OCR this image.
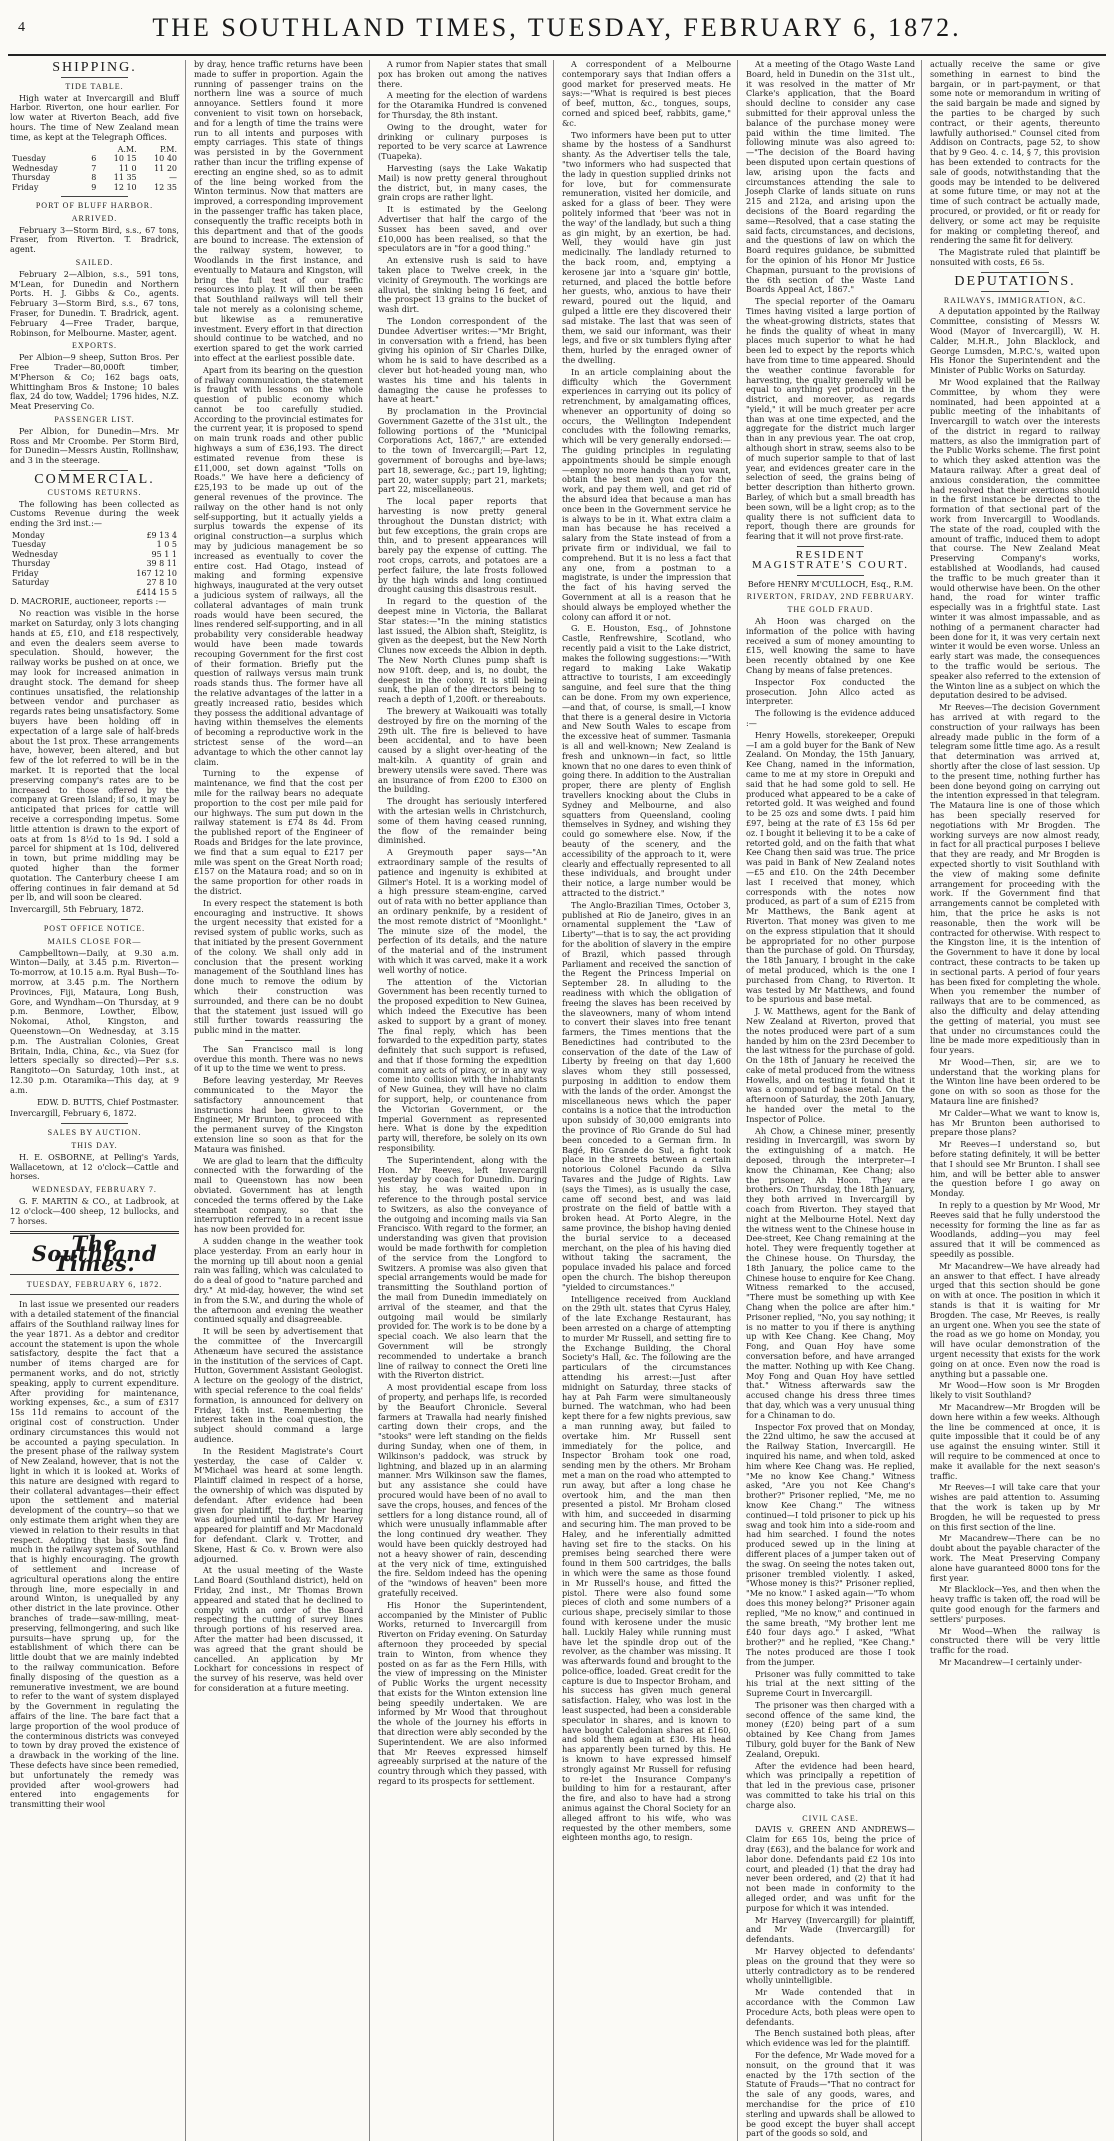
4	THE SOUTHLAND TIMES, TUESDAY, FEBRUARY 6, 1872.
SHIPPING.
TIDE TABLE.

High water at Invercargill and Bluff Harbor. Riverton, one hour earlier. For low water at Riverton Beach, add five hours. The time of New Zealand mean time, as kept at the Telegraph Offices.

		A.M.	P.M.
Tuesday	6	10 15	10 40
Wednesday	7	11 0	11 20
Thursday	8	11 35	—
Friday	9	12 10	12 35
PORT OF BLUFF HARBOR.
ARRIVED.

February 3—Storm Bird, s.s., 67 tons, Fraser, from Riverton. T. Bradrick, agent.

SAILED.

February 2—Albion, s.s., 591 tons, M'Lean, for Dunedin and Northern Ports. H. J. Gibbs & Co., agents. February 3—Storm Bird, s.s., 67 tons, Fraser, for Dunedin. T. Bradrick, agent. February 4—Free Trader, barque, Robinson, for Melbourne. Master, agent.

EXPORTS.

Per Albion—9 sheep, Sutton Bros. Per Free Trader—80,000ft timber, M'Pherson & Co; 162 bags oats, Whittingham Bros & Instone; 10 bales flax, 24 do tow, Waddel; 1796 hides, N.Z. Meat Preserving Co.

PASSENGER LIST.

Per Albion, for Dunedin—Mrs. Mr Ross and Mr Croombe. Per Storm Bird, for Dunedin—Messrs Austin, Rollinshaw, and 3 in the steerage.

COMMERCIAL.
CUSTOMS RETURNS.

The following has been collected as Customs Revenue during the week ending the 3rd inst.:—

Monday	£9 13 4
Tuesday	1 0 5
Wednesday	95 1 1
Thursday	39 8 11
Friday	167 12 10
Saturday	27 8 10
	£414 15 5

D. MACRORIE, auctioneer, reports :—

No reaction was visible in the horse market on Saturday, only 3 lots changing hands at £5, £10, and £18 respectively, and even the dealers seem averse to speculation. Should, however, the railway works be pushed on at once, we may look for increased animation in draught stock. The demand for sheep continues unsatisfied, the relationship between vendor and purchaser as regards rates being unsatisfactory. Some buyers have been holding off in expectation of a large sale of half-breds about the 1st prox. These arrangements have, however, been altered, and but few of the lot referred to will be in the market. It is reported that the local preserving company's rates are to be increased to those offered by the company at Green Island; if so, it may be anticipated that prices for cattle will receive a corresponding impetus. Some little attention is drawn to the export of oats at from 1s 8½d to 1s 9d. I sold a parcel for shipment at 1s 10d, delivered in town, but prime middling may be quoted higher than the former quotation. The Canterbury cheese I am offering continues in fair demand at 5d per lb, and will soon be cleared.

Invercargill, 5th February, 1872.

POST OFFICE NOTICE.
MAILS CLOSE FOR—

Campbelltown—Daily, at 9.30 a.m. Winton—Daily, at 3.45 p.m. Riverton—To-morrow, at 10.15 a.m. Ryal Bush—To-morrow, at 3.45 p.m. The Northern Provinces, Fiji, Mataura, Long Bush, Gore, and Wyndham—On Thursday, at 9 p.m. Benmore, Lowther, Elbow, Nokomai, Athol, Kingston, and Queenstown—On Wednesday, at 3.15 p.m. The Australian Colonies, Great Britain, India, China, &c., via Suez (for letters specially so directed)—Per s.s. Rangitoto—On Saturday, 10th inst., at 12.30 p.m. Otaramika—This day, at 9 a.m.

EDW. D. BUTTS, Chief Postmaster.

Invercargill, February 6, 1872.

SALES BY AUCTION.
THIS DAY.

H. E. OSBORNE, at Pelling's Yards, Wallacetown, at 12 o'clock—Cattle and horses.

WEDNESDAY, FEBRUARY 7.

G. F. MARTIN & CO., at Ladbrook, at 12 o'clock—400 sheep, 12 bullocks, and 7 horses.

The Southland Times.
TUESDAY, FEBRUARY 6, 1872.

In last issue we presented our readers with a detailed statement of the financial affairs of the Southland railway lines for the year 1871. As a debtor and creditor account the statement is upon the whole satisfactory, despite the fact that a number of items charged are for permanent works, and do not, strictly speaking, apply to current expenditure. After providing for maintenance, working expenses, &c., a sum of £317 15s 11d remains to account of the original cost of construction. Under ordinary circumstances this would not be accounted a paying speculation. In the present phase of the railway system of New Zealand, however, that is not the light in which it is looked at. Works of this nature are designed with regard to their collateral advantages—their effect upon the settlement and material development of the country—so that we only estimate them aright when they are viewed in relation to their results in that respect. Adopting that basis, we find much in the railway system of Southland that is highly encouraging. The growth of settlement and increase of agricultural operations along the entire through line, more especially in and around Winton, is unequalled by any other district in the late province. Other branches of trade—saw-milling, meat-preserving, fellmongering, and such like pursuits—have sprung up, for the establishment of which there can be little doubt that we are mainly indebted to the railway communication. Before finally disposing of the question as a remunerative investment, we are bound to refer to the want of system displayed by the Government in regulating the affairs of the line. The bare fact that a large proportion of the wool produce of the conterminous districts was conveyed to town by dray proved the existence of a drawback in the working of the line. These defects have since been remedied, but unfortunately the remedy was provided after wool-growers had entered into engagements for transmitting their wool

by dray, hence traffic returns have been made to suffer in proportion. Again the running of passenger trains on the northern line was a source of much annoyance. Settlers found it more convenient to visit town on horseback, and for a length of time the trains were run to all intents and purposes with empty carriages. This state of things was persisted in by the Government rather than incur the trifling expense of erecting an engine shed, so as to admit of the line being worked from the Winton terminus. Now that matters are improved, a corresponding improvement in the passenger traffic has taken place, consequently the traffic receipts both in this department and that of the goods are bound to increase. The extension of the railway system, however, to Woodlands in the first instance, and eventually to Mataura and Kingston, will bring the full test of our traffic resources into play. It will then be seen that Southland railways will tell their tale not merely as a colonising scheme, but likewise as a remunerative investment. Every effort in that direction should continue to be watched, and no exertion spared to get the work carried into effect at the earliest possible date.

Apart from its bearing on the question of railway communication, the statement is fraught with lessons on the whole question of public economy which cannot be too carefully studied. According to the provincial estimates for the current year, it is proposed to spend on main trunk roads and other public highways a sum of £36,193. The direct estimated revenue from these is £11,000, set down against "Tolls on Roads." We have here a deficiency of £25,193 to be made up out of the general revenues of the province. The railway on the other hand is not only self-supporting, but it actually yields a surplus towards the expense of its original construction—a surplus which may by judicious management be so increased as eventually to cover the entire cost. Had Otago, instead of making and forming expensive highways, inaugurated at the very outset a judicious system of railways, all the collateral advantages of main trunk roads would have been secured, the lines rendered self-supporting, and in all probability very considerable headway would have been made towards recouping Government for the first cost of their formation. Briefly put the question of railways versus main trunk roads stands thus. The former have all the relative advantages of the latter in a greatly increased ratio, besides which they possess the additional advantage of having within themselves the elements of becoming a reproductive work in the strictest sense of the word—an advantage to which the other cannot lay claim.

Turning to the expense of maintenance, we find that the cost per mile for the railway bears no adequate proportion to the cost per mile paid for our highways. The sum put down in the railway statement is £74 8s 4d. From the published report of the Engineer of Roads and Bridges for the late province, we find that a sum equal to £217 per mile was spent on the Great North road; £157 on the Mataura road; and so on in the same proportion for other roads in the district.

In every respect the statement is both encouraging and instructive. It shows the urgent necessity that existed for a revised system of public works, such as that initiated by the present Government of the colony. We shall only add in conclusion that the present working management of the Southland lines has done much to remove the odium by which their construction was surrounded, and there can be no doubt that the statement just issued will go still further towards reassuring the public mind in the matter.

The San Francisco mail is long overdue this month. There was no news of it up to the time we went to press.

Before leaving yesterday, Mr Reeves communicated to the Mayor the satisfactory announcement that instructions had been given to the Engineer, Mr Brunton, to proceed with the permanent survey of the Kingston extension line so soon as that for the Mataura was finished.

We are glad to learn that the difficulty connected with the forwarding of the mail to Queenstown has now been obviated. Government has at length conceded the terms offered by the Lake steamboat company, so that the interruption referred to in a recent issue has now been provided for.

A sudden change in the weather took place yesterday. From an early hour in the morning up till about noon a genial rain was falling, which was calculated to do a deal of good to "nature parched and dry." At mid-day, however, the wind set in from the S.W., and during the whole of the afternoon and evening the weather continued squally and disagreeable.

It will be seen by advertisement that the committee of the Invercargill Athenæum have secured the assistance in the institution of the services of Capt. Hutton, Government Assistant Geologist. A lecture on the geology of the district, with special reference to the coal fields' formation, is announced for delivery on Friday, 16th inst. Remembering the interest taken in the coal question, the subject should command a large audience.

In the Resident Magistrate's Court yesterday, the case of Calder v. M'Michael was heard at some length. Plaintiff claimed in respect of a horse, the ownership of which was disputed by defendant. After evidence had been given for plaintiff, the further hearing was adjourned until to-day. Mr Harvey appeared for plaintiff and Mr Macdonald for defendant. Clark v. Trotter, and Skene, Hast & Co. v. Brown were also adjourned.

At the usual meeting of the Waste Land Board (Southland district), held on Friday, 2nd inst., Mr Thomas Brown appeared and stated that he declined to comply with an order of the Board respecting the cutting of survey lines through portions of his reserved area. After the matter had been discussed, it was agreed that the grant should be cancelled. An application by Mr Lockhart for concessions in respect of the survey of his reserve, was held over for consideration at a future meeting.

A rumor from Napier states that small pox has broken out among the natives there.

A meeting for the election of wardens for the Otaramika Hundred is convened for Thursday, the 8th instant.

Owing to the drought, water for drinking or culinary purposes is reported to be very scarce at Lawrence (Tuapeka).

Harvesting (says the Lake Wakatip Mail) is now pretty general throughout the district, but, in many cases, the grain crops are rather light.

It is estimated by the Geelong Advertiser that half the cargo of the Sussex has been saved, and over £10,000 has been realised, so that the speculators are in "for a good thing."

An extensive rush is said to have taken place to Twelve creek, in the vicinity of Greymouth. The workings are alluvial, the sinking being 16 feet, and the prospect 13 grains to the bucket of wash dirt.

The London correspondent of the Dundee Advertiser writes:—"Mr Bright, in conversation with a friend, has been giving his opinion of Sir Charles Dilke, whom he is said to have described as a clever but hot-headed young man, who wastes his time and his talents in damaging the cause he professes to have at heart."

By proclamation in the Provincial Government Gazette of the 31st ult., the following portions of the "Municipal Corporations Act, 1867," are extended to the town of Invercargill;—Part 12, government of boroughs and bye-laws; part 18, sewerage, &c.; part 19, lighting; part 20, water supply; part 21, markets; part 22, miscellaneous.

The local paper reports that harvesting is now pretty general throughout the Dunstan district; with but few exceptions, the grain crops are thin, and to present appearances will barely pay the expense of cutting. The root crops, carrots, and potatoes are a perfect failure, the late frosts followed by the high winds and long continued drought causing this disastrous result.

In regard to the question of the deepest mine in Victoria, the Ballarat Star states:—"In the mining statistics last issued, the Albion shaft, Steiglitz, is given as the deepest, but the New North Clunes now exceeds the Albion in depth. The New North Clunes pump shaft is now 910ft. deep, and is, no doubt, the deepest in the colony. It is still being sunk, the plan of the directors being to reach a depth of 1,200ft. or thereabouts.

The brewery at Waikouaiti was totally destroyed by fire on the morning of the 29th ult. The fire is believed to have been accidental, and to have been caused by a slight over-heating of the malt-kiln. A quantity of grain and brewery utensils were saved. There was an insurance of from £200 to £300 on the building.

The drought has seriously interfered with the artesian wells in Christchurch, some of them having ceased running, the flow of the remainder being diminished.

A Greymouth paper says—"An extraordinary sample of the results of patience and ingenuity is exhibited at Gilmer's Hotel. It is a working model of a high pressure steam-engine, carved out of rata with no better appliance than an ordinary penknife, by a resident of the most remote district of "Moonlight." The minute size of the model, the perfection of its details, and the nature of the material and of the instrument with which it was carved, make it a work well worthy of notice.

The attention of the Victorian Government has been recently turned to the proposed expedition to New Guinea, which indeed the Executive has been asked to support by a grant of money. The final reply, which has been forwarded to the expedition party, states definitely that such support is refused, and that if those forming the expedition commit any acts of piracy, or in any way come into collision with the inhabitants of New Guinea, they will have no claim for support, help, or countenance from the Victorian Government, or the Imperial Government as represented here. What is done by the expedition party will, therefore, be solely on its own responsibility.

The Superintendent, along with the Hon. Mr Reeves, left Invercargill yesterday by coach for Dunedin. During his stay, he was waited upon in reference to the through postal service to Switzers, as also the conveyance of the outgoing and incoming mails via San Francisco. With regard to the former, an understanding was given that provision would be made forthwith for completion of the service from the Longford to Switzers. A promise was also given that special arrangements would be made for transmitting the Southland portion of the mail from Dunedin immediately on arrival of the steamer, and that the outgoing mail would be similarly provided for. The work is to be done by a special coach. We also learn that the Government will be strongly recommended to undertake a branch line of railway to connect the Oreti line with the Riverton district.

A most providential escape from loss of property, and perhaps life, is recorded by the Beaufort Chronicle. Several farmers at Trawalla had nearly finished carting down their crops, and the "stooks" were left standing on the fields during Sunday, when one of them, in Wilkinson's paddock, was struck by lightning, and blazed up in an alarming manner. Mrs Wilkinson saw the flames, but any assistance she could have procured would have been of no avail to save the crops, houses, and fences of the settlers for a long distance round, all of which were unusually inflammable after the long continued dry weather. They would have been quickly destroyed had not a heavy shower of rain, descending at the very nick of time, extinguished the fire. Seldom indeed has the opening of the "windows of heaven" been more gratefully received.

His Honor the Superintendent, accompanied by the Minister of Public Works, returned to Invercargill from Riverton on Friday evening. On Saturday afternoon they proceeded by special train to Winton, from whence they posted on as far as the Fern Hills, with the view of impressing on the Minister of Public Works the urgent necessity that exists for the Winton extension line being speedily undertaken. We are informed by Mr Wood that throughout the whole of the journey his efforts in that direction were ably seconded by the Superintendent. We are also informed that Mr Reeves expressed himself agreeably surprised at the nature of the country through which they passed, with regard to its prospects for settlement.

A correspondent of a Melbourne contemporary says that Indian offers a good market for preserved meats. He says:—"What is required is best pieces of beef, mutton, &c., tongues, soups, corned and spiced beef, rabbits, game," &c.

Two informers have been put to utter shame by the hostess of a Sandhurst shanty. As the Advertiser tells the tale, "two informers who had suspected that the lady in question supplied drinks not for love, but for commensurate remuneration, visited her domicile, and asked for a glass of beer. They were politely informed that 'beer was not in the way' of the landlady, but such a thing as gin might, by an exertion, be had. Well, they would have gin just medicinally. The landlady returned to the back room, and, emptying a kerosene jar into a 'square gin' bottle, returned, and placed the bottle before her guests, who, anxious to have their reward, poured out the liquid, and gulped a little ere they discovered their sad mistake. The last that was seen of them, we said our informant, was their legs, and five or six tumblers flying after them, hurled by the enraged owner of the dwelling.

In an article complaining about the difficulty which the Government experiences in carrying out its policy of retrenchment, by amalgamating offices, whenever an opportunity of doing so occurs, the Wellington Independent concludes with the following remarks, which will be very generally endorsed:—The guiding principles in regulating appointments should be simple enough—employ no more hands than you want, obtain the best men you can for the work, and pay them well, and get rid of the absurd idea that because a man has once been in the Government service he is always to be in it. What extra claim a man has because he has received a salary from the State instead of from a private firm or individual, we fail to comprehend. But it is no less a fact that any one, from a postman to a magistrate, is under the impression that the fact of his having served the Government at all is a reason that he should always be employed whether the colony can afford it or not.

G. E. Houston, Esq., of Johnstone Castle, Renfrewshire, Scotland, who recently paid a visit to the Lake district, makes the following suggestions:—"With regard to making Lake Wakatip attractive to tourists, I am exceedingly sanguine, and feel sure that the thing can be done. From my own experience,—and that, of course, is small,—I know that there is a general desire in Victoria and New South Wales to escape from the excessive heat of summer. Tasmania is all and well-known; New Zealand is fresh and unknown—in fact, so little known that no one dares to even think of going there. In addition to the Australian proper, there are plenty of English travellers knocking about the Clubs in Sydney and Melbourne, and also squatters from Queensland, cooling themselves in Sydney, and wishing they could go somewhere else. Now, if the beauty of the scenery, and the accessibility of the approach to it, were clearly and effectually represented to all these individuals, and brought under their notice, a large number would be attracted to the district."

The Anglo-Brazilian Times, October 3, published at Rio de Janeiro, gives in an ornamental supplement the "Law of Liberty"—that is to say, the act providing for the abolition of slavery in the empire of Brazil, which passed through Parliament and received the sanction of the Regent the Princess Imperial on September 28. In alluding to the readiness with which the obligation of freeing the slaves has been received by the slaveowners, many of whom intend to convert their slaves into free tenant farmers, the Times mentions that the Benedictines had contributed to the conservation of the date of the Law of Liberty by freeing on that day 1,600 slaves whom they still possessed, purposing in addition to endow them with the lands of the order. Amongst the miscellaneous news which the paper contains is a notice that the introduction upon subsidy of 30,000 emigrants into the province of Rio Grande do Sul had been conceded to a German firm. In Bagé, Rio Grande do Sul, a fight took place in the streets between a certain notorious Colonel Facundo da Silva Tavares and the Judge of Rights. Law (says the Times), as is usually the case, came off second best, and was laid prostrate on the field of battle with a broken head. At Porto Alegre, in the same province, the bishop having denied the burial service to a deceased merchant, on the plea of his having died without taking the sacrament, the populace invaded his palace and forced open the church. The bishop thereupon "yielded to circumstances."

Intelligence received from Auckland on the 29th ult. states that Cyrus Haley, of the late Exchange Restaurant, has been arrested on a charge of attempting to murder Mr Russell, and setting fire to the Exchange Building, the Choral Society's Hall, &c. The following are the particulars of the circumstances attending his arrest:—Just after midnight on Saturday, three stacks of hay at Pah Farm were simultaneously burned. The watchman, who had been kept there for a few nights previous, saw a man running away, but failed to overtake him. Mr Russell sent immediately for the police, and Inspector Broham took one road, sending men by the others. Mr Broham met a man on the road who attempted to run away, but after a long chase he overtook him, and the man then presented a pistol. Mr Broham closed with him, and succeeded in disarming and securing him. The man proved to be Haley, and he inferentially admitted having set fire to the stacks. On his premises being searched there were found in them 500 cartridges, the balls in which were the same as those found in Mr Russell's house, and fitted the pistol. There were also found some pieces of cloth and some numbers of a curious shape, precisely similar to those found with kerosene under the music hall. Luckily Haley while running must have let the spindle drop out of the revolver, as the chamber was missing. It was afterwards found and brought to the police-office, loaded. Great credit for the capture is due to Inspector Broham, and his success has given much general satisfaction. Haley, who was lost in the least suspected, had been a considerable speculator in shares, and is known to have bought Caledonian shares at £160, and sold them again at £30. His head has apparently been turned by this. He is known to have expressed himself strongly against Mr Russell for refusing to re-let the Insurance Company's building to him for a restaurant, after the fire, and also to have had a strong animus against the Choral Society for an alleged affront to his wife, who was requested by the other members, some eighteen months ago, to resign.

At a meeting of the Otago Waste Land Board, held in Dunedin on the 31st ult., it was resolved in the matter of Mr Clarke's application, that the Board should decline to consider any case submitted for their approval unless the balance of the purchase money were paid within the time limited. The following minute was also agreed to:—"The decision of the Board having been disputed upon certain questions of law, arising upon the facts and circumstances attending the sale to Joseph Clarke of lands situate on runs 215 and 212a, and arising upon the decisions of the Board regarding the same—Resolved, that a case stating the said facts, circumstances, and decisions, and the questions of law on which the Board requires guidance, be submitted for the opinion of his Honor Mr Justice Chapman, pursuant to the provisions of the 6th section of the Waste Land Boards Appeal Act, 1867."

The special reporter of the Oamaru Times having visited a large portion of the wheat-growing districts, states that he finds the quality of wheat in many places much superior to what he had been led to expect by the reports which have from time to time appeared. Should the weather continue favorable for harvesting, the quality generally will be equal to anything yet produced in the district, and moreover, as regards "yield," it will be much greater per acre than was at one time expected, and the aggregate for the district much larger than in any previous year. The oat crop, although short in straw, seems also to be of much superior sample to that of last year, and evidences greater care in the selection of seed, the grains being of better description than hitherto grown. Barley, of which but a small breadth has been sown, will be a light crop; as to the quality there is not sufficient data to report, though there are grounds for fearing that it will not prove first-rate.

RESIDENT MAGISTRATE'S COURT.

Before HENRY M'CULLOCH, Esq., R.M.

RIVERTON, FRIDAY, 2ND FEBRUARY.
THE GOLD FRAUD.

Ah Hoon was charged on the information of the police with having received a sum of money amounting to £15, well knowing the same to have been recently obtained by one Kee Chang by means of false pretences.

Inspector Fox conducted the prosecution. John Allco acted as interpreter.

The following is the evidence adduced :—

Henry Howells, storekeeper, Orepuki—I am a gold buyer for the Bank of New Zealand. On Monday, the 15th January, Kee Chang, named in the information, came to me at my store in Orepuki and said that he had some gold to sell. He produced what appeared to be a cake of retorted gold. It was weighed and found to be 25 ozs and some dwts. I paid him £97, being at the rate of £3 15s 6d per oz. I bought it believing it to be a cake of retorted gold, and on the faith that what Kee Chang then said was true. The price was paid in Bank of New Zealand notes—£5 and £10. On the 24th December last I received that money, which corresponds with the notes now produced, as part of a sum of £215 from Mr Matthews, the Bank agent at Riverton. That money was given to me on the express stipulation that it should be appropriated for no other purpose than the purchase of gold. On Thursday, the 18th January, I brought in the cake of metal produced, which is the one I purchased from Chang, to Riverton. It was tested by Mr Matthews, and found to be spurious and base metal.

J. W. Matthews, agent for the Bank of New Zealand at Riverton, proved that the notes produced were part of a sum handed by him on the 23rd December to the last witness for the purchase of gold. On the 18th of January he received the cake of metal produced from the witness Howells, and on testing it found that it was a compound of base metal. On the afternoon of Saturday, the 20th January, he handed over the metal to the Inspector of Police.

Ah Chow, a Chinese miner, presently residing in Invercargill, was sworn by the extinguishing of a match. He deposed, through the interpreter—I know the Chinaman, Kee Chang; also the prisoner, Ah Hoon. They are brothers. On Thursday, the 18th January, they both arrived in Invercargill by coach from Riverton. They stayed that night at the Melbourne Hotel. Next day the witness went to the Chinese house in Dee-street, Kee Chang remaining at the hotel. They were frequently together at the Chinese house. On Thursday, the 18th January, the police came to the Chinese house to enquire for Kee Chang. Witness remarked to the accused, "There must be something up with Kee Chang when the police are after him." Prisoner replied, "No, you say nothing; it is no matter to you if there is anything up with Kee Chang. Kee Chang, Moy Fong, and Quan Hoy have some conversation before, and have arranged the matter. Nothing up with Kee Chang. Moy Fong and Quan Hoy have settled that." Witness afterwards saw the accused change his dress three times that day, which was a very unusual thing for a Chinaman to do.

Inspector Fox proved that on Monday, the 22nd ultimo, he saw the accused at the Railway Station, Invercargill. He inquired his name, and when told, asked him where Kee Chang was. He replied, "Me no know Kee Chang." Witness asked, "Are you not Kee Chang's brother?" Prisoner replied, "Me, me no know Kee Chang." The witness continued—I told prisoner to pick up his swag and took him into a side-room and had him searched. I found the notes produced sewed up in the lining at different places of a jumper taken out of the swag. On seeing the notes taken out, prisoner trembled violently. I asked, "Whose money is this?" Prisoner replied, "Me no know." I asked again—"To whom does this money belong?" Prisoner again replied, "Me no know," and continued in the same breath, "My brother lent me £40 four days ago." I asked, "What brother?" and he replied, "Kee Chang." The notes produced are those I took from the jumper.

Prisoner was fully committed to take his trial at the next sitting of the Supreme Court in Invercargill.

The prisoner was then charged with a second offence of the same kind, the money (£20) being part of a sum obtained by Kee Chang from James Tilbury, gold buyer for the Bank of New Zealand, Orepuki.

After the evidence had been heard, which was principally a repetition of that led in the previous case, prisoner was committed to take his trial on this charge also.

CIVIL CASE.

DAVIS v. GREEN AND ANDREWS—Claim for £65 10s, being the price of dray (£63), and the balance for work and labor done. Defendants paid £2 10s into court, and pleaded (1) that the dray had never been ordered, and (2) that it had not been made in conformity to the alleged order, and was unfit for the purpose for which it was intended.

Mr Harvey (Invercargill) for plaintiff, and Mr Wade (Invercargill) for defendants.

Mr Harvey objected to defendants' pleas on the ground that they were so utterly contradictory as to be rendered wholly unintelligible.

Mr Wade contended that in accordance with the Common Law Procedure Acts, both pleas were open to defendants.

The Bench sustained both pleas, after which evidence was led for the plaintiff.

For the defence, Mr Wade moved for a nonsuit, on the ground that it was enacted by the 17th section of the Statute of Frauds—"That no contract for the sale of any goods, wares, and merchandise for the price of £10 sterling and upwards shall be allowed to be good except the buyer shall accept part of the goods so sold, and

actually receive the same or give something in earnest to bind the bargain, or in part-payment, or that some note or memorandum in writing of the said bargain be made and signed by the parties to be charged by such contract, or their agents, thereunto lawfully authorised." Counsel cited from Addison on Contracts, page 52, to show that by 9 Geo. 4. c. 14, § 7, this provision has been extended to contracts for the sale of goods, notwithstanding that the goods may be intended to be delivered at some future time, or may not at the time of such contract be actually made, procured, or provided, or fit or ready for delivery, or some act may be requisite for making or completing thereof, and rendering the same fit for delivery.

The Magistrate ruled that plaintiff be nonsuited with costs, £6 5s.

DEPUTATIONS.
RAILWAYS, IMMIGRATION, &C.

A deputation appointed by the Railway Committee, consisting of Messrs W. Wood (Mayor of Invercargill), W. H. Calder, M.H.R., John Blacklock, and George Lumsden, M.P.C.'s, waited upon His Honor the Superintendent and the Minister of Public Works on Saturday.

Mr Wood explained that the Railway Committee, by whom they were nominated, had been appointed at a public meeting of the inhabitants of Invercargill to watch over the interests of the district in regard to railway matters, as also the immigration part of the Public Works scheme. The first point to which they asked attention was the Mataura railway. After a great deal of anxious consideration, the committee had resolved that their exertions should in the first instance be directed to the formation of that sectional part of the work from Invercargill to Woodlands. The state of the road, coupled with the amount of traffic, induced them to adopt that course. The New Zealand Meat Preserving Company's works, established at Woodlands, had caused the traffic to be much greater than it would otherwise have been. On the other hand, the road for winter traffic especially was in a frightful state. Last winter it was almost impassable, and as nothing of a permanent character had been done for it, it was very certain next winter it would be even worse. Unless an early start was made, the consequences to the traffic would be serious. The speaker also referred to the extension of the Winton line as a subject on which the deputation desired to be advised.

Mr Reeves—The decision Government has arrived at with regard to the construction of your railways has been already made public in the form of a telegram some little time ago. As a result that determination was arrived at, shortly after the close of last session. Up to the present time, nothing further has been done beyond going on carrying out the intention expressed in that telegram. The Mataura line is one of those which has been specially reserved for negotiations with Mr Brogden. The working surveys are now almost ready, in fact for all practical purposes I believe that they are ready, and Mr Brogden is expected shortly to visit Southland with the view of making some definite arrangement for proceeding with the work. If the Government find that arrangements cannot be completed with him, that the price he asks is not reasonable, then the work will be contracted for otherwise. With respect to the Kingston line, it is the intention of the Government to have it done by local contract, these contracts to be taken up in sectional parts. A period of four years has been fixed for completing the whole. When you remember the number of railways that are to be commenced, as also the difficulty and delay attending the getting of material, you must see that under no circumstances could the line be made more expeditiously than in four years.

Mr Wood—Then, sir, are we to understand that the working plans for the Winton line have been ordered to be gone on with so soon as those for the Mataura line are finished?

Mr Calder—What we want to know is, has Mr Brunton been authorised to prepare those plans?

Mr Reeves—I understand so, but before stating definitely, it will be better that I should see Mr Brunton. I shall see him, and will be better able to answer the question before I go away on Monday.

In reply to a question by Mr Wood, Mr Reeves said that he fully understood the necessity for forming the line as far as Woodlands, adding—you may feel assured that it will be commenced as speedily as possible.

Mr Macandrew—We have already had an answer to that effect. I have already urged that this section should be gone on with at once. The position in which it stands is that it is waiting for Mr Brogden. The case, Mr Reeves, is really an urgent one. When you see the state of the road as we go home on Monday, you will have ocular demonstration of the urgent necessity that exists for the work going on at once. Even now the road is anything but a passable one.

Mr Wood—How soon is Mr Brogden likely to visit Southland?

Mr Macandrew—Mr Brogden will be down here within a few weeks. Although the line be commenced at once, it is quite impossible that it could be of any use against the ensuing winter. Still it will require to be commenced at once to make it available for the next season's traffic.

Mr Reeves—I will take care that your wishes are paid attention to. Assuming that the work is taken up by Mr Brogden, he will be requested to press on this first section of the line.

Mr Macandrew—There can be no doubt about the payable character of the work. The Meat Preserving Company alone have guaranteed 8000 tons for the first year.

Mr Blacklock—Yes, and then when the heavy traffic is taken off, the road will be quite good enough for the farmers and settlers' purposes.

Mr Wood—When the railway is constructed there will be very little traffic for the road.

Mr Macandrew—I certainly under-
